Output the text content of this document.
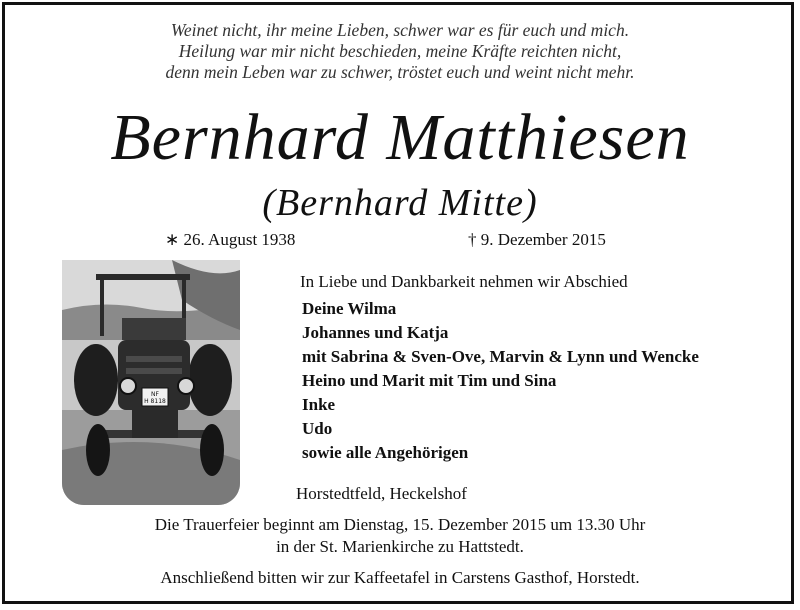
Weinet nicht, ihr meine Lieben, schwer war es für euch und mich.
Heilung war mir nicht beschieden, meine Kräfte reichten nicht,
denn mein Leben war zu schwer, tröstet euch und weint nicht mehr.
Bernhard Matthiesen
(Bernhard Mitte)
∗ 26. August 1938	† 9. Dezember 2015
NF
H 8118
In Liebe und Dankbarkeit nehmen wir Abschied
Deine Wilma
Johannes und Katja
mit Sabrina & Sven-Ove, Marvin & Lynn und Wencke
Heino und Marit mit Tim und Sina
Inke
Udo
sowie alle Angehörigen
Horstedtfeld, Heckelshof
Die Trauerfeier beginnt am Dienstag, 15. Dezember 2015 um 13.30 Uhr
in der St. Marienkirche zu Hattstedt.
Anschließend bitten wir zur Kaffeetafel in Carstens Gasthof, Horstedt.
